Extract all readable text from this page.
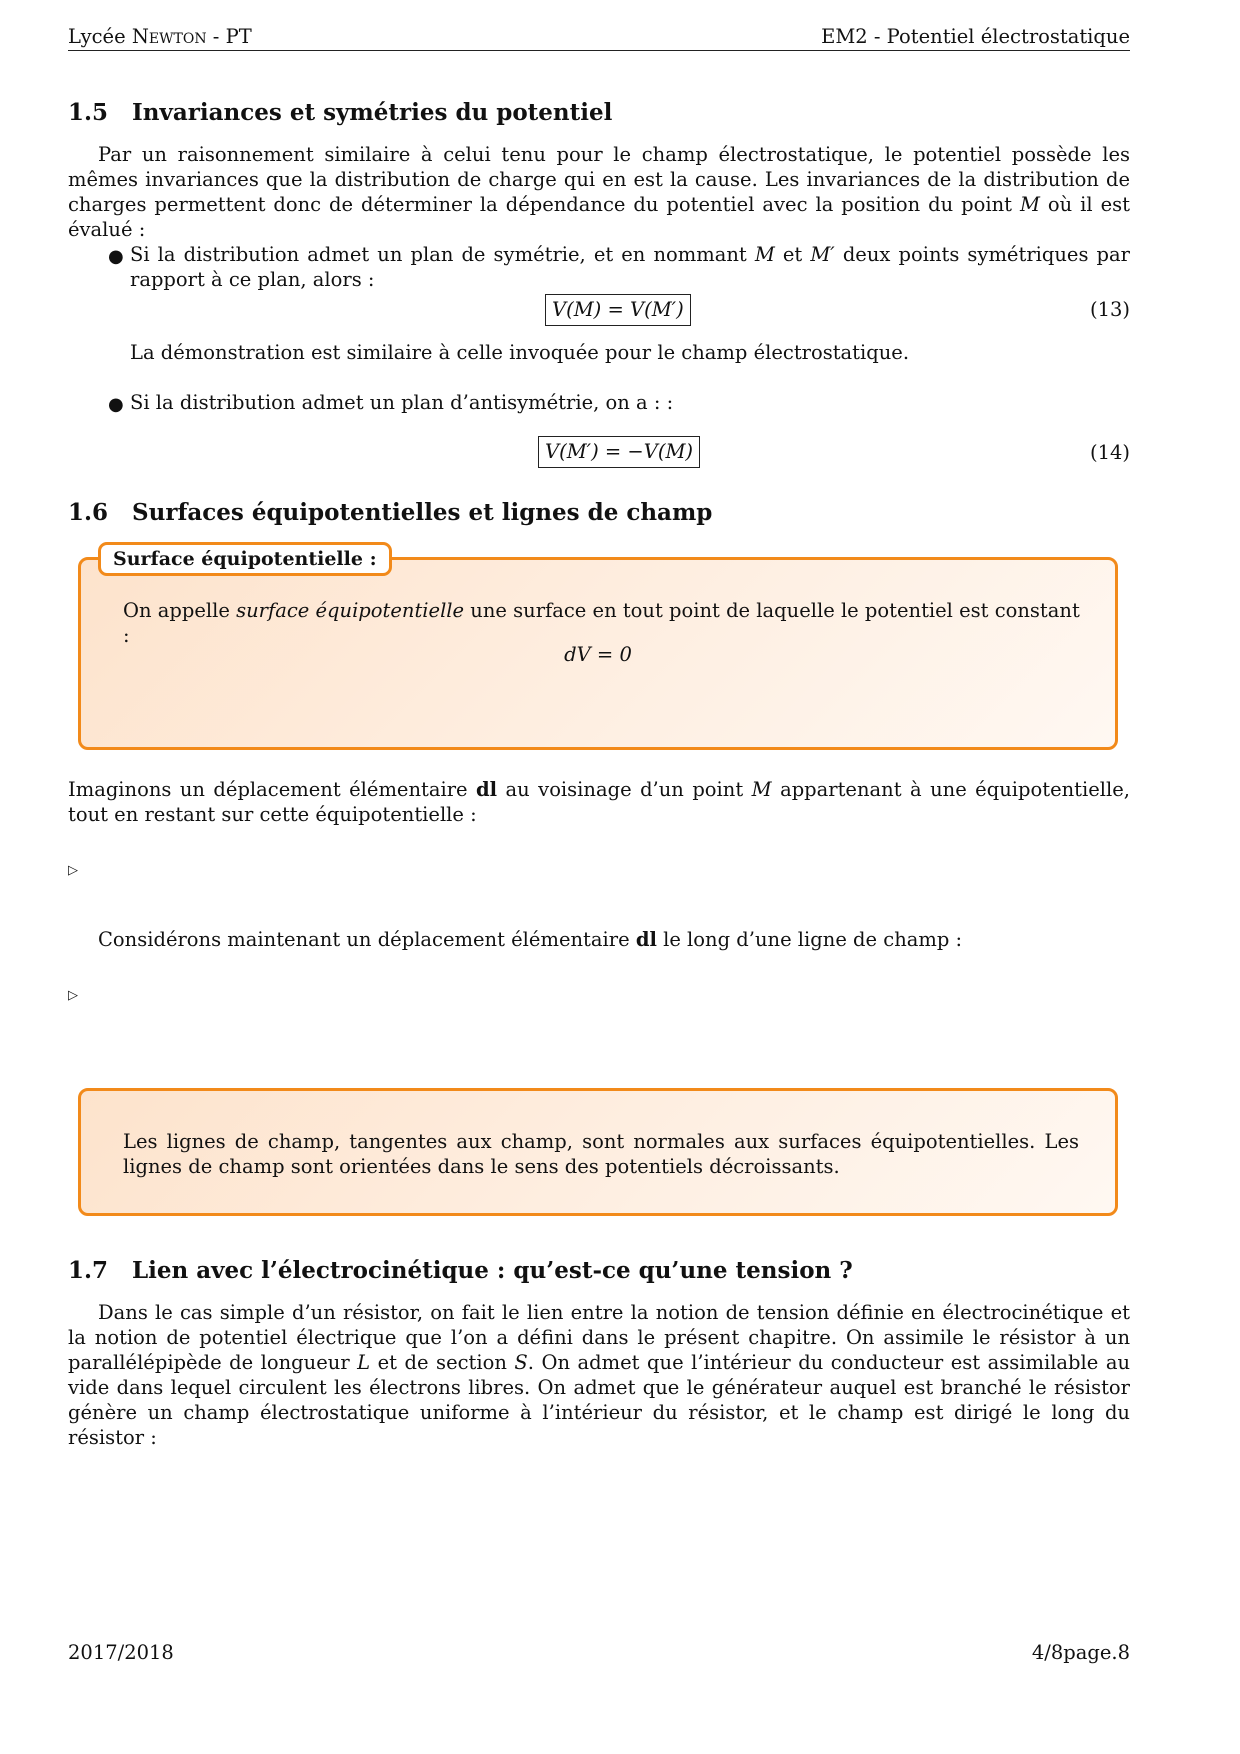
Lycée Newton - PT	EM2 - Potentiel électrostatique
1.5 Invariances et symétries du potentiel
Par un raisonnement similaire à celui tenu pour le champ électrostatique, le potentiel possède les mêmes invariances que la distribution de charge qui en est la cause. Les invariances de la distribution de charges permettent donc de déterminer la dépendance du potentiel avec la position du point M où il est évalué :
● Si la distribution admet un plan de symétrie, et en nommant M et M′ deux points symétriques par rapport à ce plan, alors :
V(M) = V(M′)	(13)
La démonstration est similaire à celle invoquée pour le champ électrostatique.
● Si la distribution admet un plan d’antisymétrie, on a : :
V(M′) = −V(M)	(14)
1.6 Surfaces équipotentielles et lignes de champ
On appelle surface équipotentielle une surface en tout point de laquelle le potentiel est constant :
dV = 0
Surface équipotentielle :
Imaginons un déplacement élémentaire dl au voisinage d’un point M appartenant à une équipotentielle, tout en restant sur cette équipotentielle :
▷
Considérons maintenant un déplacement élémentaire dl le long d’une ligne de champ :
▷
Les lignes de champ, tangentes aux champ, sont normales aux surfaces équipotentielles. Les lignes de champ sont orientées dans le sens des potentiels décroissants.
1.7 Lien avec l’électrocinétique : qu’est-ce qu’une tension ?
Dans le cas simple d’un résistor, on fait le lien entre la notion de tension définie en électrocinétique et la notion de potentiel électrique que l’on a défini dans le présent chapitre. On assimile le résistor à un parallélépipède de longueur L et de section S. On admet que l’intérieur du conducteur est assimilable au vide dans lequel circulent les électrons libres. On admet que le générateur auquel est branché le résistor génère un champ électrostatique uniforme à l’intérieur du résistor, et le champ est dirigé le long du résistor :
2017/2018	4/8page.8
